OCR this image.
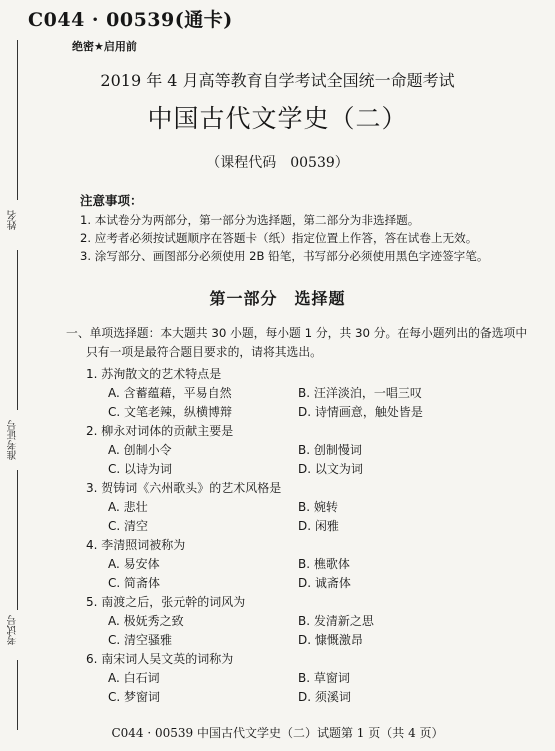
姓名
准考证号
考试号
C044 · 00539(通卡)
绝密★启用前
2019 年 4 月高等教育自学考试全国统一命题考试
中国古代文学史（二）
（课程代码　00539）
注意事项：
1. 本试卷分为两部分，第一部分为选择题，第二部分为非选择题。
2. 应考者必须按试题顺序在答题卡（纸）指定位置上作答，答在试卷上无效。
3. 涂写部分、画图部分必须使用 2B 铅笔，书写部分必须使用黑色字迹签字笔。
第一部分　选择题
一、单项选择题：本大题共 30 小题，每小题 1 分，共 30 分。在每小题列出的备选项中
只有一项是最符合题目要求的，请将其选出。
1. 苏洵散文的艺术特点是
A. 含蓄蕴藉，平易自然	B. 汪洋淡泊，一唱三叹
C. 文笔老辣，纵横博辩	D. 诗情画意，触处皆是
2. 柳永对词体的贡献主要是
A. 创制小令	B. 创制慢词
C. 以诗为词	D. 以文为词
3. 贺铸词《六州歌头》的艺术风格是
A. 悲壮	B. 婉转
C. 清空	D. 闲雅
4. 李清照词被称为
A. 易安体	B. 樵歌体
C. 简斋体	D. 诚斋体
5. 南渡之后，张元幹的词风为
A. 极妩秀之致	B. 发清新之思
C. 清空骚雅	D. 慷慨激昂
6. 南宋词人吴文英的词称为
A. 白石词	B. 草窗词
C. 梦窗词	D. 须溪词
C044 · 00539 中国古代文学史（二）试题第 1 页（共 4 页）
